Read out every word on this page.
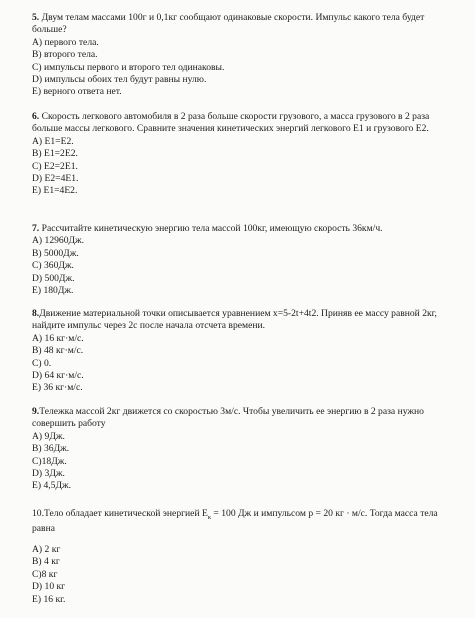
5. Двум телам массами 100г и 0,1кг сообщают одинаковые скорости. Импульс какого тела будет больше?

А) первого тела.
В) второго тела.
С) импульсы первого и второго тел одинаковы.
D) импульсы обоих тел будут равны нулю.
Е) верного ответа нет.

6. Скорость легкового автомобиля в 2 раза больше скорости грузового, а масса грузового в 2 раза больше массы легкового. Сравните значения кинетических энергий легкового Е1 и грузового Е2.

А) Е1=Е2.
В) Е1=2Е2.
С) Е2=2Е1.
D) Е2=4Е1.
Е) Е1=4Е2.

7. Рассчитайте кинетическую энергию тела массой 100кг, имеющую скорость 36км/ч.

А) 12960Дж.
В) 5000Дж.
С) 360Дж.
D) 500Дж.
Е) 180Дж.

8.Движение материальной точки описывается уравнением x=5-2t+4t2. Приняв ее массу равной 2кг, найдите импульс через 2с после начала отсчета времени.

А) 16 кг·м/с.
В) 48 кг·м/с.
С) 0.
D) 64 кг·м/с.
Е) 36 кг·м/с.

9.Тележка массой 2кг движется со скоростью 3м/с. Чтобы увеличить ее энергию в 2 раза нужно совершить работу

А) 9Дж.
В) 36Дж.
С)18Дж.
D) 3Дж.
Е) 4,5Дж.

10.Тело обладает кинетической энергией $Е_к = 100$ Дж и импульсом р = 20 кг · м/с. Тогда масса тела равна

А) 2 кг
В) 4 кг
С)8 кг
D) 10 кг
Е) 16 кг.
